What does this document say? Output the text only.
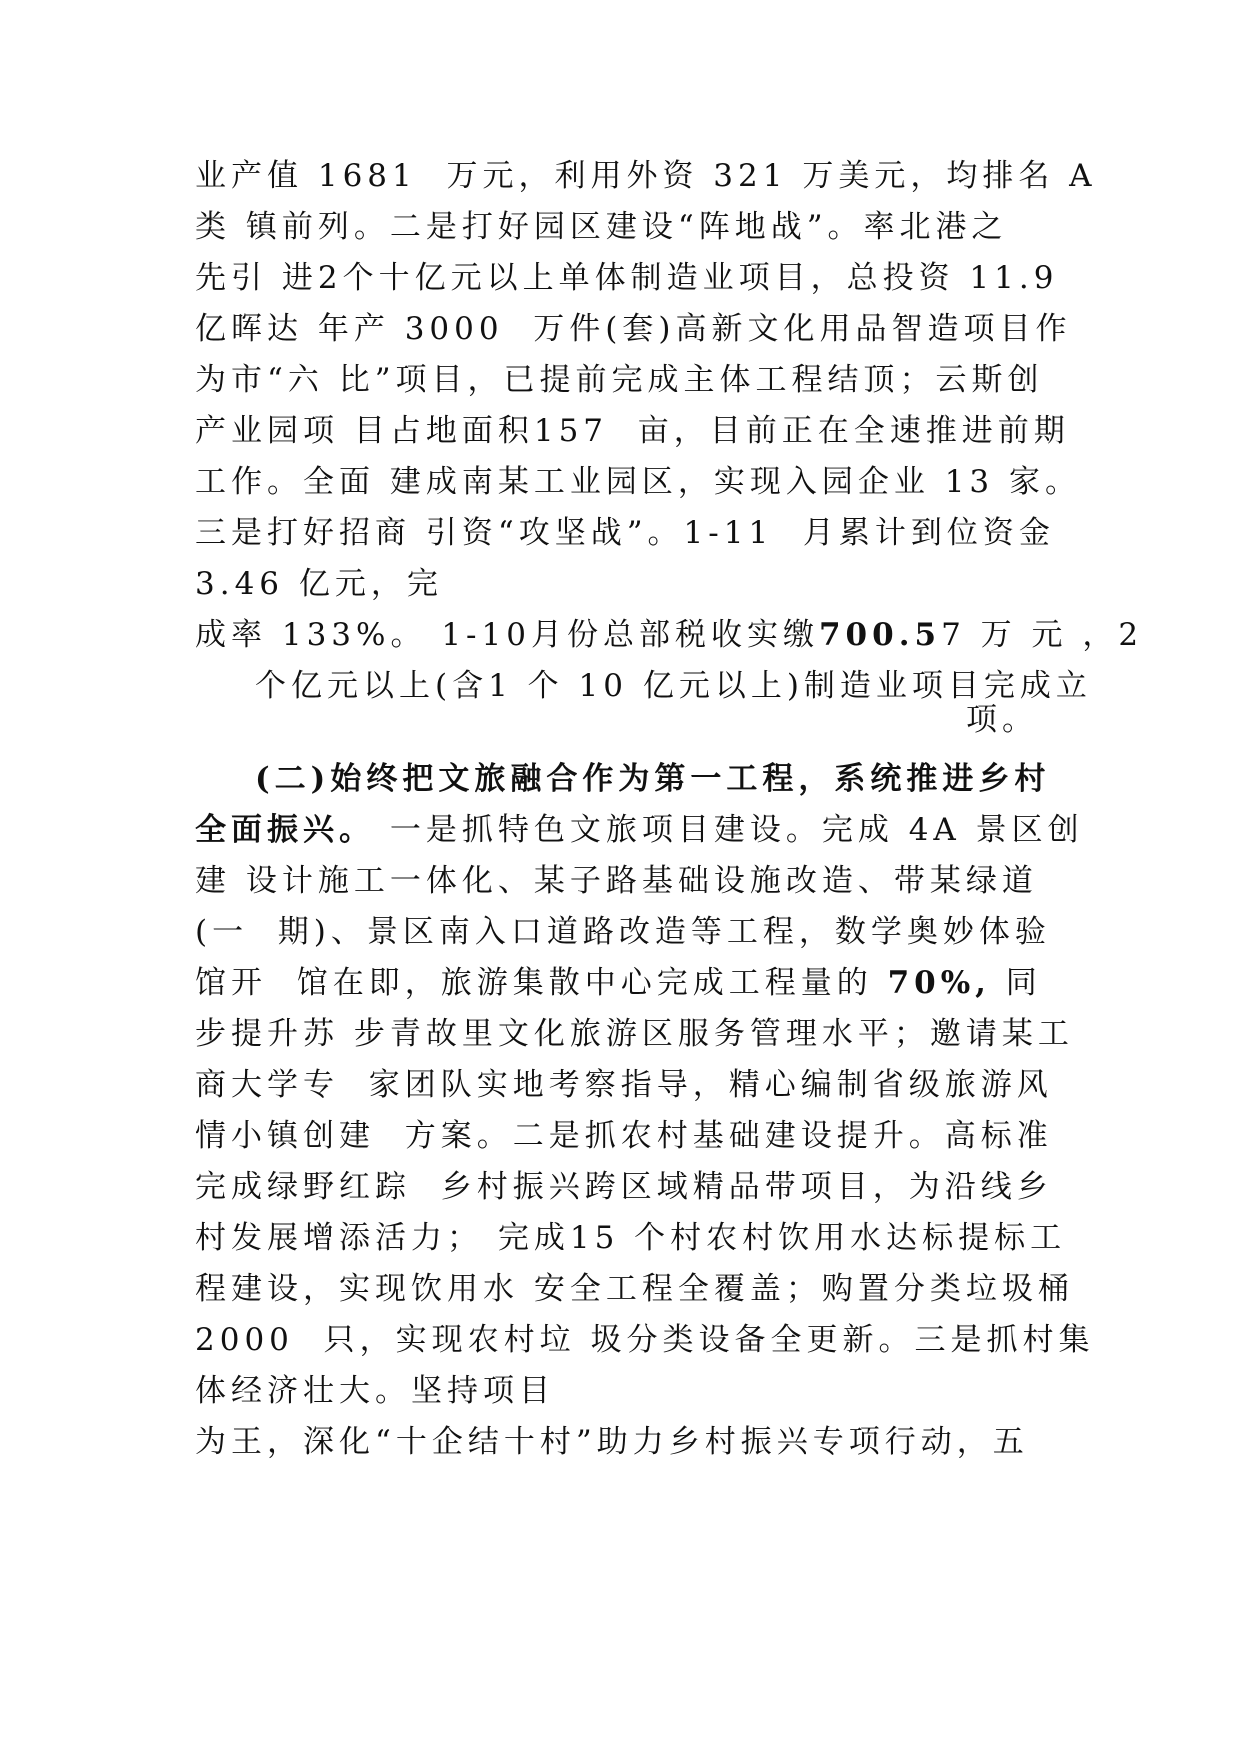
业产值 1681  万元，利用外资 321 万美元，均排名 A
类 镇前列。二是打好园区建设“阵地战”。率北港之
先引 进2个十亿元以上单体制造业项目，总投资 11.9
亿晖达 年产 3000  万件(套)高新文化用品智造项目作
为市“六 比”项目，已提前完成主体工程结顶；云斯创
产业园项 目占地面积157  亩，目前正在全速推进前期
工作。全面 建成南某工业园区，实现入园企业 13 家。
三是打好招商 引资“攻坚战”。1-11  月累计到位资金
3.46 亿元，完
成率 133%。 1-10月份总部税收实缴700.57 万 元 ，2
个亿元以上(含1 个 10 亿元以上)制造业项目完成立
项。
(二)始终把文旅融合作为第一工程，系统推进乡村
全面振兴。 一是抓特色文旅项目建设。完成 4A 景区创
建 设计施工一体化、某子路基础设施改造、带某绿道
(一  期)、景区南入口道路改造等工程，数学奥妙体验
馆开  馆在即，旅游集散中心完成工程量的 70%, 同
步提升苏 步青故里文化旅游区服务管理水平；邀请某工
商大学专  家团队实地考察指导，精心编制省级旅游风
情小镇创建  方案。二是抓农村基础建设提升。高标准
完成绿野红踪  乡村振兴跨区域精品带项目，为沿线乡
村发展增添活力； 完成15 个村农村饮用水达标提标工
程建设，实现饮用水 安全工程全覆盖；购置分类垃圾桶
2000  只，实现农村垃 圾分类设备全更新。三是抓村集
体经济壮大。坚持项目
为王，深化“十企结十村”助力乡村振兴专项行动，五
